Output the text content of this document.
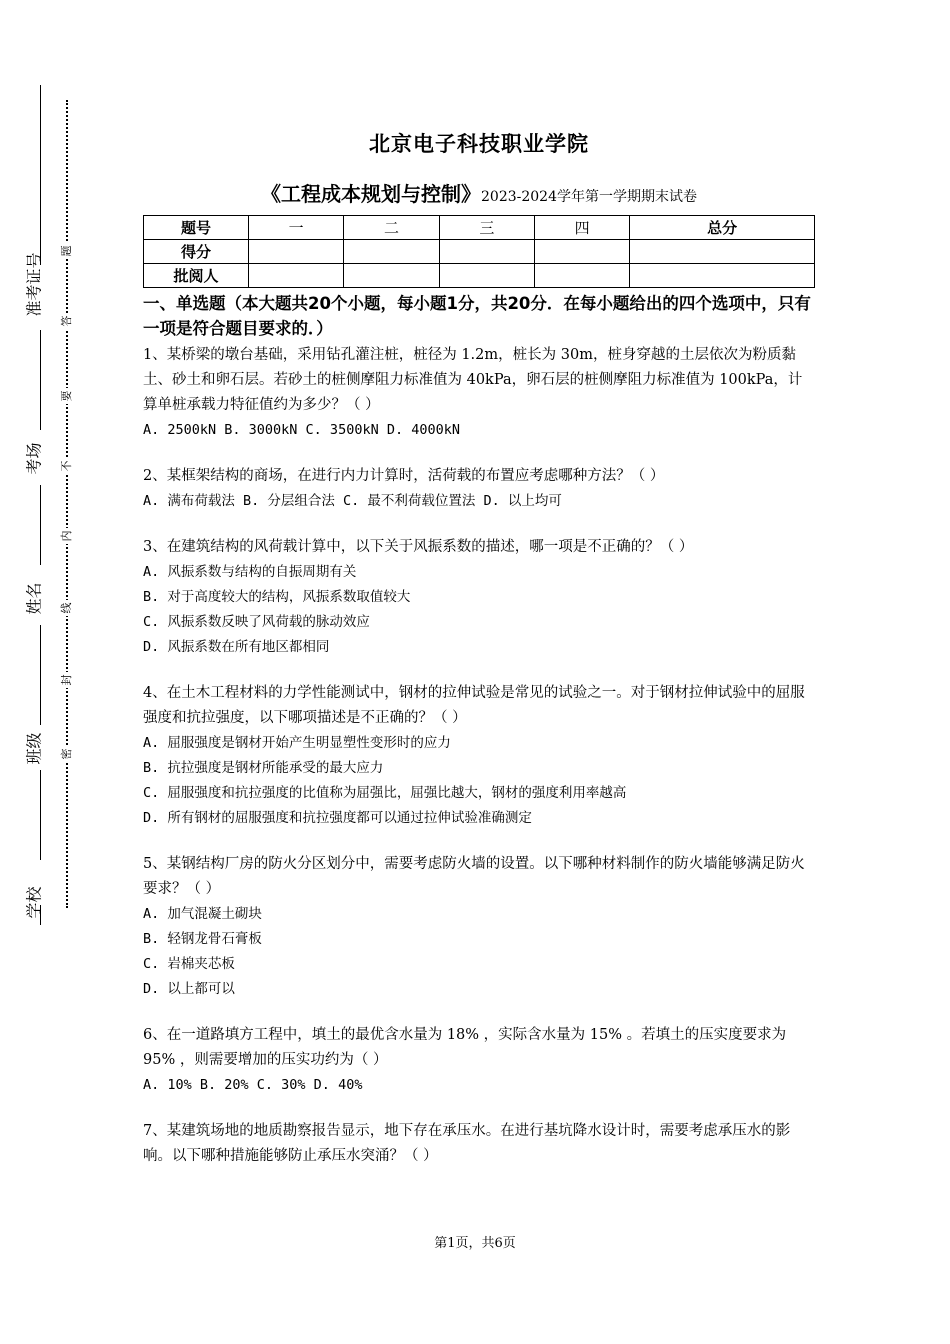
准考证号
考场
姓名
班级
学校
题
答
要
不
内
线
封
密
北京电子科技职业学院
《工程成本规划与控制》2023-2024学年第一学期期末试卷
题号	一	二	三	四	总分
得分					
批阅人					
一、单选题（本大题共20个小题，每小题1分，共20分．在每小题给出的四个选项中，只有一项是符合题目要求的．）
1、某桥梁的墩台基础，采用钻孔灌注桩，桩径为 1.2m，桩长为 30m，桩身穿越的土层依次为粉质黏土、砂土和卵石层。若砂土的桩侧摩阻力标准值为 40kPa，卵石层的桩侧摩阻力标准值为 100kPa，计算单桩承载力特征值约为多少？（ ）
A. 2500kN B. 3000kN C. 3500kN D. 4000kN
2、某框架结构的商场，在进行内力计算时，活荷载的布置应考虑哪种方法？（ ）
A. 满布荷载法 B. 分层组合法 C. 最不利荷载位置法 D. 以上均可
3、在建筑结构的风荷载计算中，以下关于风振系数的描述，哪一项是不正确的？（ ）
A. 风振系数与结构的自振周期有关
B. 对于高度较大的结构，风振系数取值较大
C. 风振系数反映了风荷载的脉动效应
D. 风振系数在所有地区都相同
4、在土木工程材料的力学性能测试中，钢材的拉伸试验是常见的试验之一。对于钢材拉伸试验中的屈服强度和抗拉强度，以下哪项描述是不正确的？（ ）
A. 屈服强度是钢材开始产生明显塑性变形时的应力
B. 抗拉强度是钢材所能承受的最大应力
C. 屈服强度和抗拉强度的比值称为屈强比，屈强比越大，钢材的强度利用率越高
D. 所有钢材的屈服强度和抗拉强度都可以通过拉伸试验准确测定
5、某钢结构厂房的防火分区划分中，需要考虑防火墙的设置。以下哪种材料制作的防火墙能够满足防火要求？（ ）
A. 加气混凝土砌块
B. 轻钢龙骨石膏板
C. 岩棉夹芯板
D. 以上都可以
6、在一道路填方工程中，填土的最优含水量为 18% ，实际含水量为 15% 。若填土的压实度要求为 95% ，则需要增加的压实功约为（ ）
A. 10% B. 20% C. 30% D. 40%
7、某建筑场地的地质勘察报告显示，地下存在承压水。在进行基坑降水设计时，需要考虑承压水的影响。以下哪种措施能够防止承压水突涌？（ ）
第1页，共6页
